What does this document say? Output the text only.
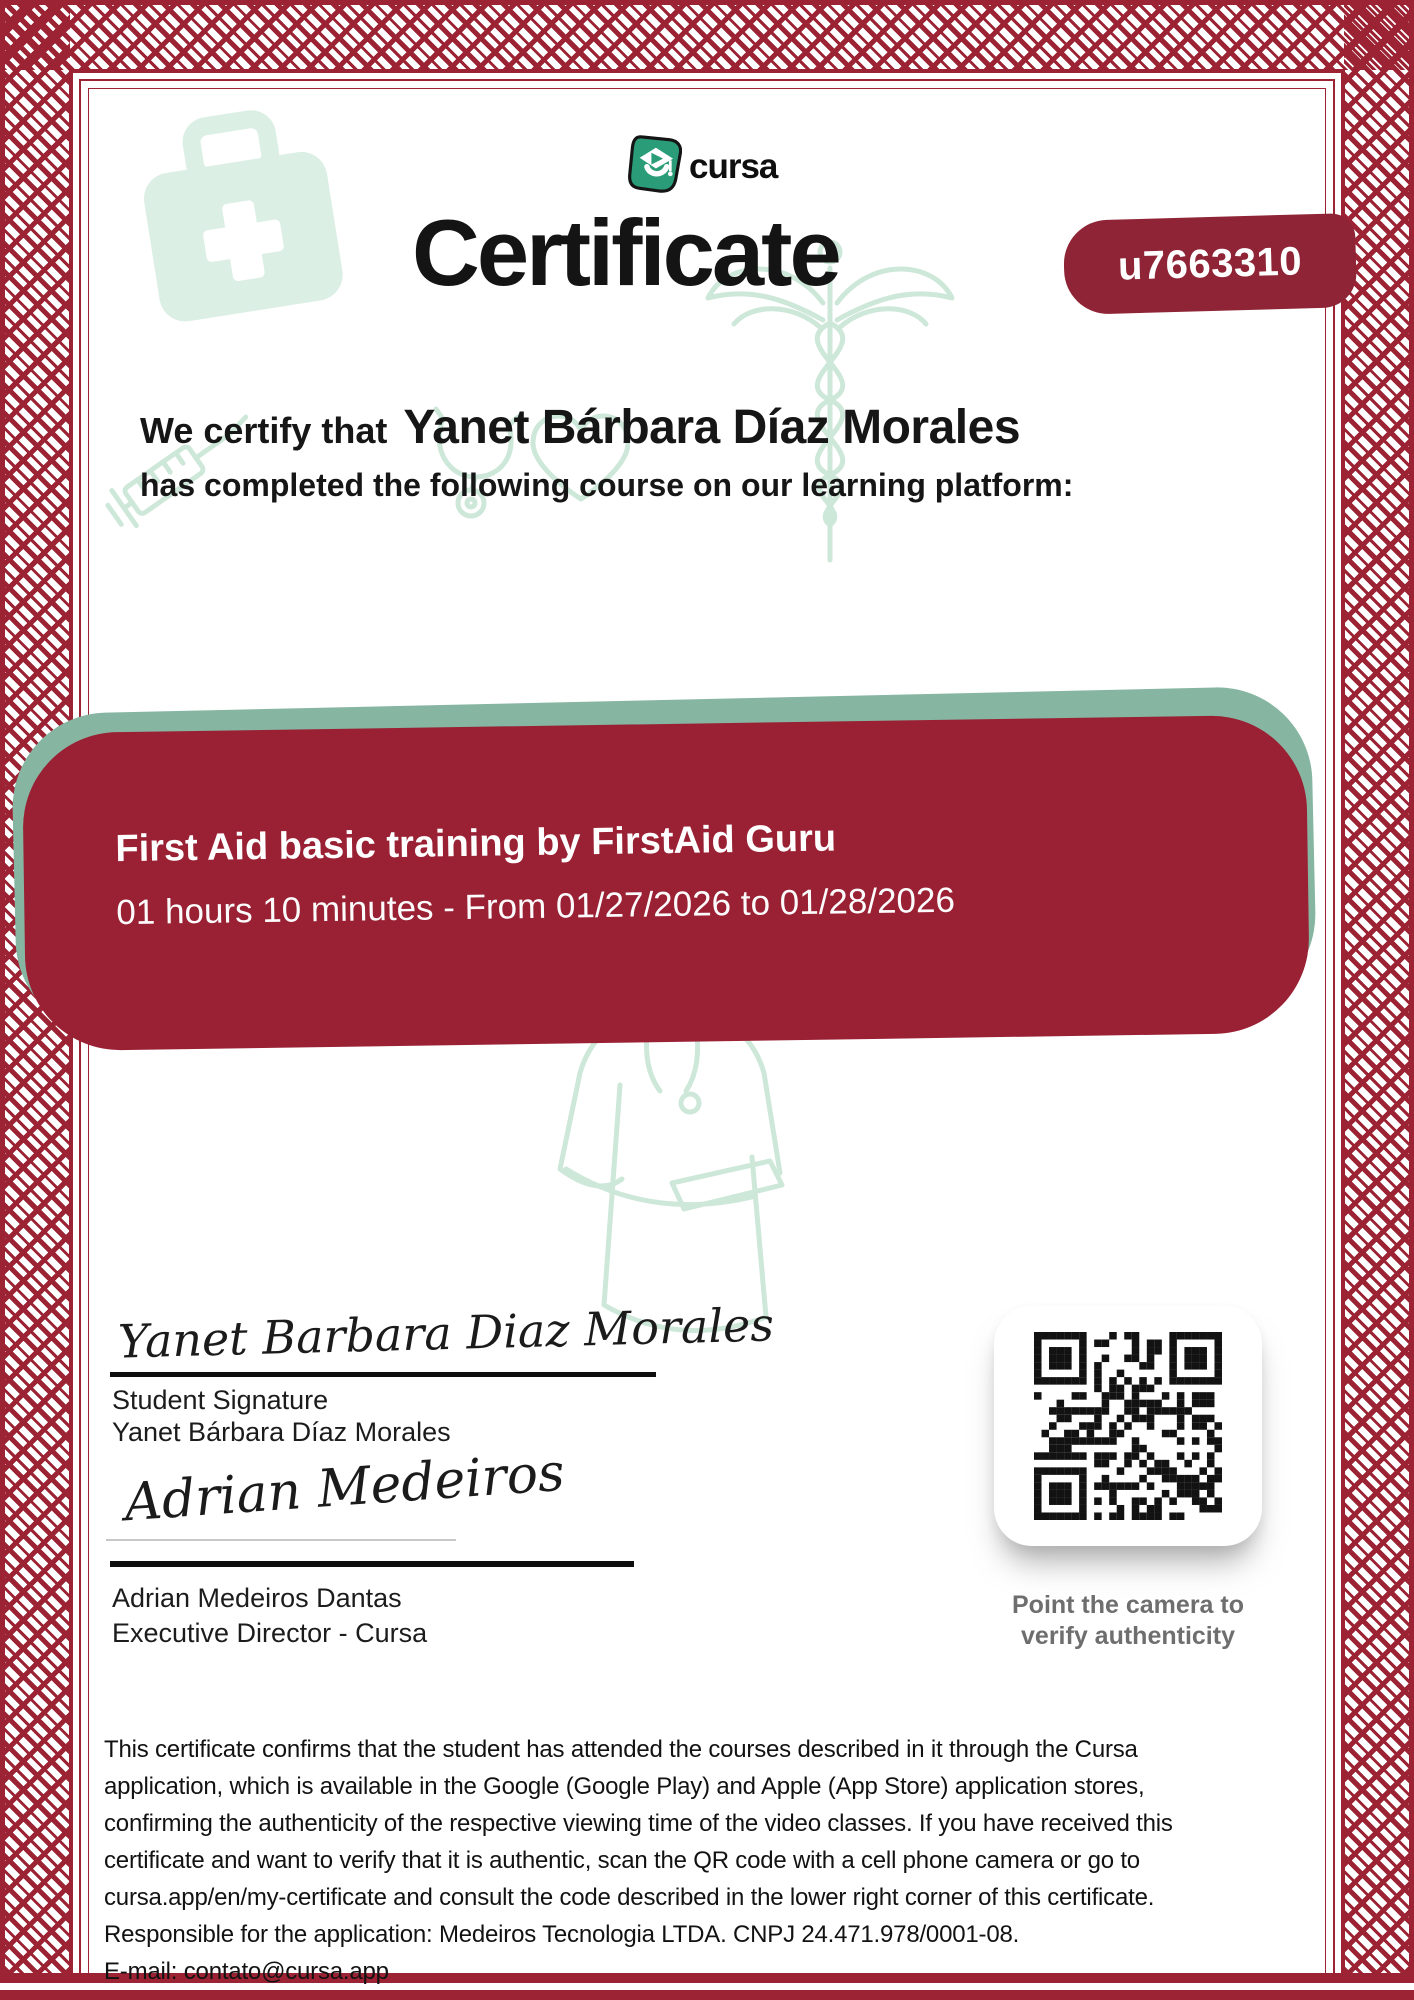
cursa
Certificate	u7663310
We certify that Yanet Bárbara Díaz Morales
has completed the following course on our learning platform:
First Aid basic training by FirstAid Guru
01 hours 10 minutes - From 01/27/2026 to 01/28/2026
Yanet Barbara Diaz Morales
Student Signature
Yanet Bárbara Díaz Morales
Adrian Medeiros
Adrian Medeiros Dantas
Executive Director - Cursa
Point the camera to
verify authenticity
This certificate confirms that the student has attended the courses described in it through the Cursa
application, which is available in the Google (Google Play) and Apple (App Store) application stores,
confirming the authenticity of the respective viewing time of the video classes. If you have received this
certificate and want to verify that it is authentic, scan the QR code with a cell phone camera or go to
cursa.app/en/my-certificate and consult the code described in the lower right corner of this certificate.
Responsible for the application: Medeiros Tecnologia LTDA. CNPJ 24.471.978/0001-08.
E-mail: contato@cursa.app
